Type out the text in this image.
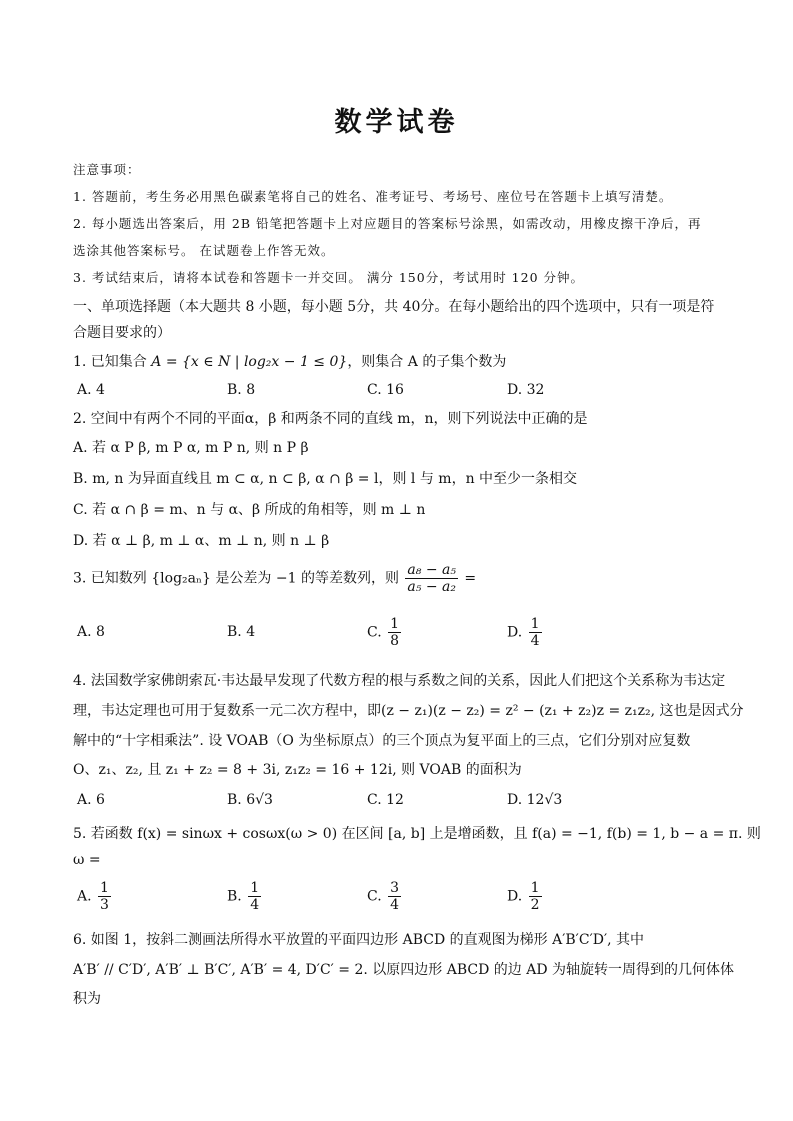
数学试卷
注意事项：
1. 答题前，考生务必用黑色碳素笔将自己的姓名、准考证号、考场号、座位号在答题卡上填写清楚。
2. 每小题选出答案后，用 2B 铅笔把答题卡上对应题目的答案标号涂黑，如需改动，用橡皮擦干净后，再
选涂其他答案标号。 在试题卷上作答无效。
3. 考试结束后，请将本试卷和答题卡一并交回。 满分 150分，考试用时 120 分钟。
一、单项选择题（本大题共 8 小题，每小题 5分，共 40分。在每小题给出的四个选项中，只有一项是符
合题目要求的）
1. 已知集合 A = {x ∈ N | log₂x − 1 ≤ 0}，则集合 A 的子集个数为
A. 4	B. 8	C. 16	D. 32
2. 空间中有两个不同的平面α，β 和两条不同的直线 m，n，则下列说法中正确的是
A. 若 α P β, m P α, m P n, 则 n P β
B. m, n 为异面直线且 m ⊂ α, n ⊂ β, α ∩ β = l，则 l 与 m，n 中至少一条相交
C. 若 α ∩ β = m、n 与 α、β 所成的角相等，则 m ⊥ n
D. 若 α ⊥ β, m ⊥ α、m ⊥ n, 则 n ⊥ β
3. 已知数列 {log₂aₙ} 是公差为 −1 的等差数列，则 $\frac{\text{a₈ − a₅}}{\text{a₅ − a₂}}$ =
A. 8	B. 4	C. $\frac{1}{8}$	D. $\frac{1}{4}$
4. 法国数学家佛朗索瓦·韦达最早发现了代数方程的根与系数之间的关系，因此人们把这个关系称为韦达定
理，韦达定理也可用于复数系一元二次方程中，即(z − z₁)(z − z₂) = z² − (z₁ + z₂)z = z₁z₂, 这也是因式分
解中的“十字相乘法”. 设 VOAB（O 为坐标原点）的三个顶点为复平面上的三点，它们分别对应复数
O、z₁、z₂, 且 z₁ + z₂ = 8 + 3i, z₁z₂ = 16 + 12i, 则 VOAB 的面积为
A. 6	B. 6√3	C. 12	D. 12√3
5. 若函数 f(x) = sinωx + cosωx(ω > 0) 在区间 [a, b] 上是增函数，且 f(a) = −1, f(b) = 1, b − a = π. 则
ω =
A. $\frac{1}{3}$	B. $\frac{1}{4}$	C. $\frac{3}{4}$	D. $\frac{1}{2}$
6. 如图 1，按斜二测画法所得水平放置的平面四边形 ABCD 的直观图为梯形 A′B′C′D′, 其中
A′B′ // C′D′, A′B′ ⊥ B′C′, A′B′ = 4, D′C′ = 2. 以原四边形 ABCD 的边 AD 为轴旋转一周得到的几何体体
积为
